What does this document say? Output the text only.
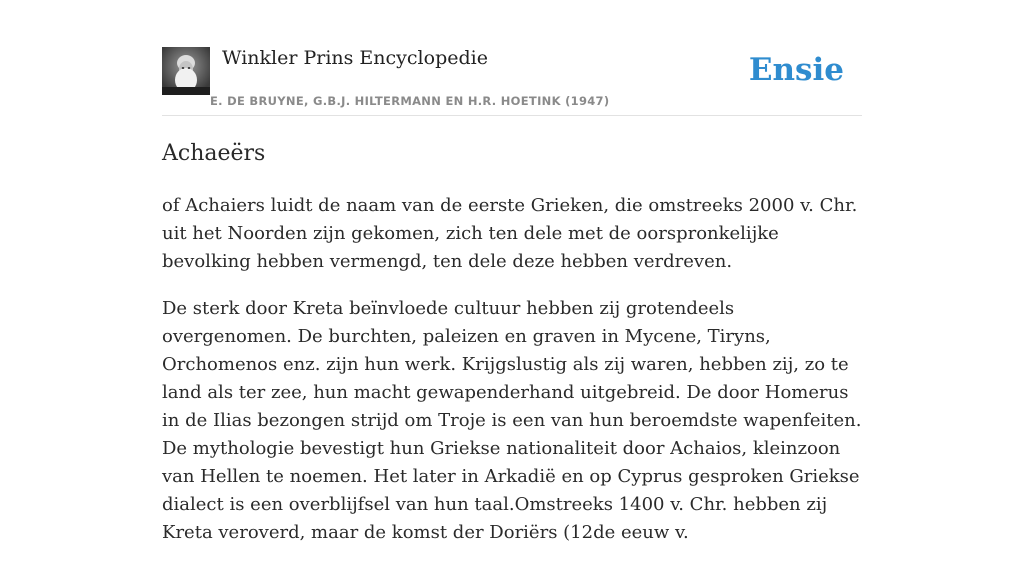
Winkler Prins Encyclopedie
E. DE BRUYNE, G.B.J. HILTERMANN EN H.R. HOETINK (1947)
Ensie
Achaeërs

of Achaiers luidt de naam van de eerste Grieken, die omstreeks 2000 v. Chr. uit het Noorden zijn gekomen, zich ten dele met de oorspronkelijke bevolking hebben vermengd, ten dele deze hebben verdreven.

De sterk door Kreta beïnvloede cultuur hebben zij grotendeels overgenomen. De burchten, paleizen en graven in Mycene, Tiryns, Orchomenos enz. zijn hun werk. Krijgslustig als zij waren, hebben zij, zo te land als ter zee, hun macht gewapenderhand uitgebreid. De door Homerus in de Ilias bezongen strijd om Troje is een van hun beroemdste wapenfeiten. De mythologie bevestigt hun Griekse nationaliteit door Achaios, kleinzoon van Hellen te noemen. Het later in Arkadië en op Cyprus gesproken Griekse dialect is een overblijfsel van hun taal.Omstreeks 1400 v. Chr. hebben zij Kreta veroverd, maar de komst der Doriërs (12de eeuw v.
